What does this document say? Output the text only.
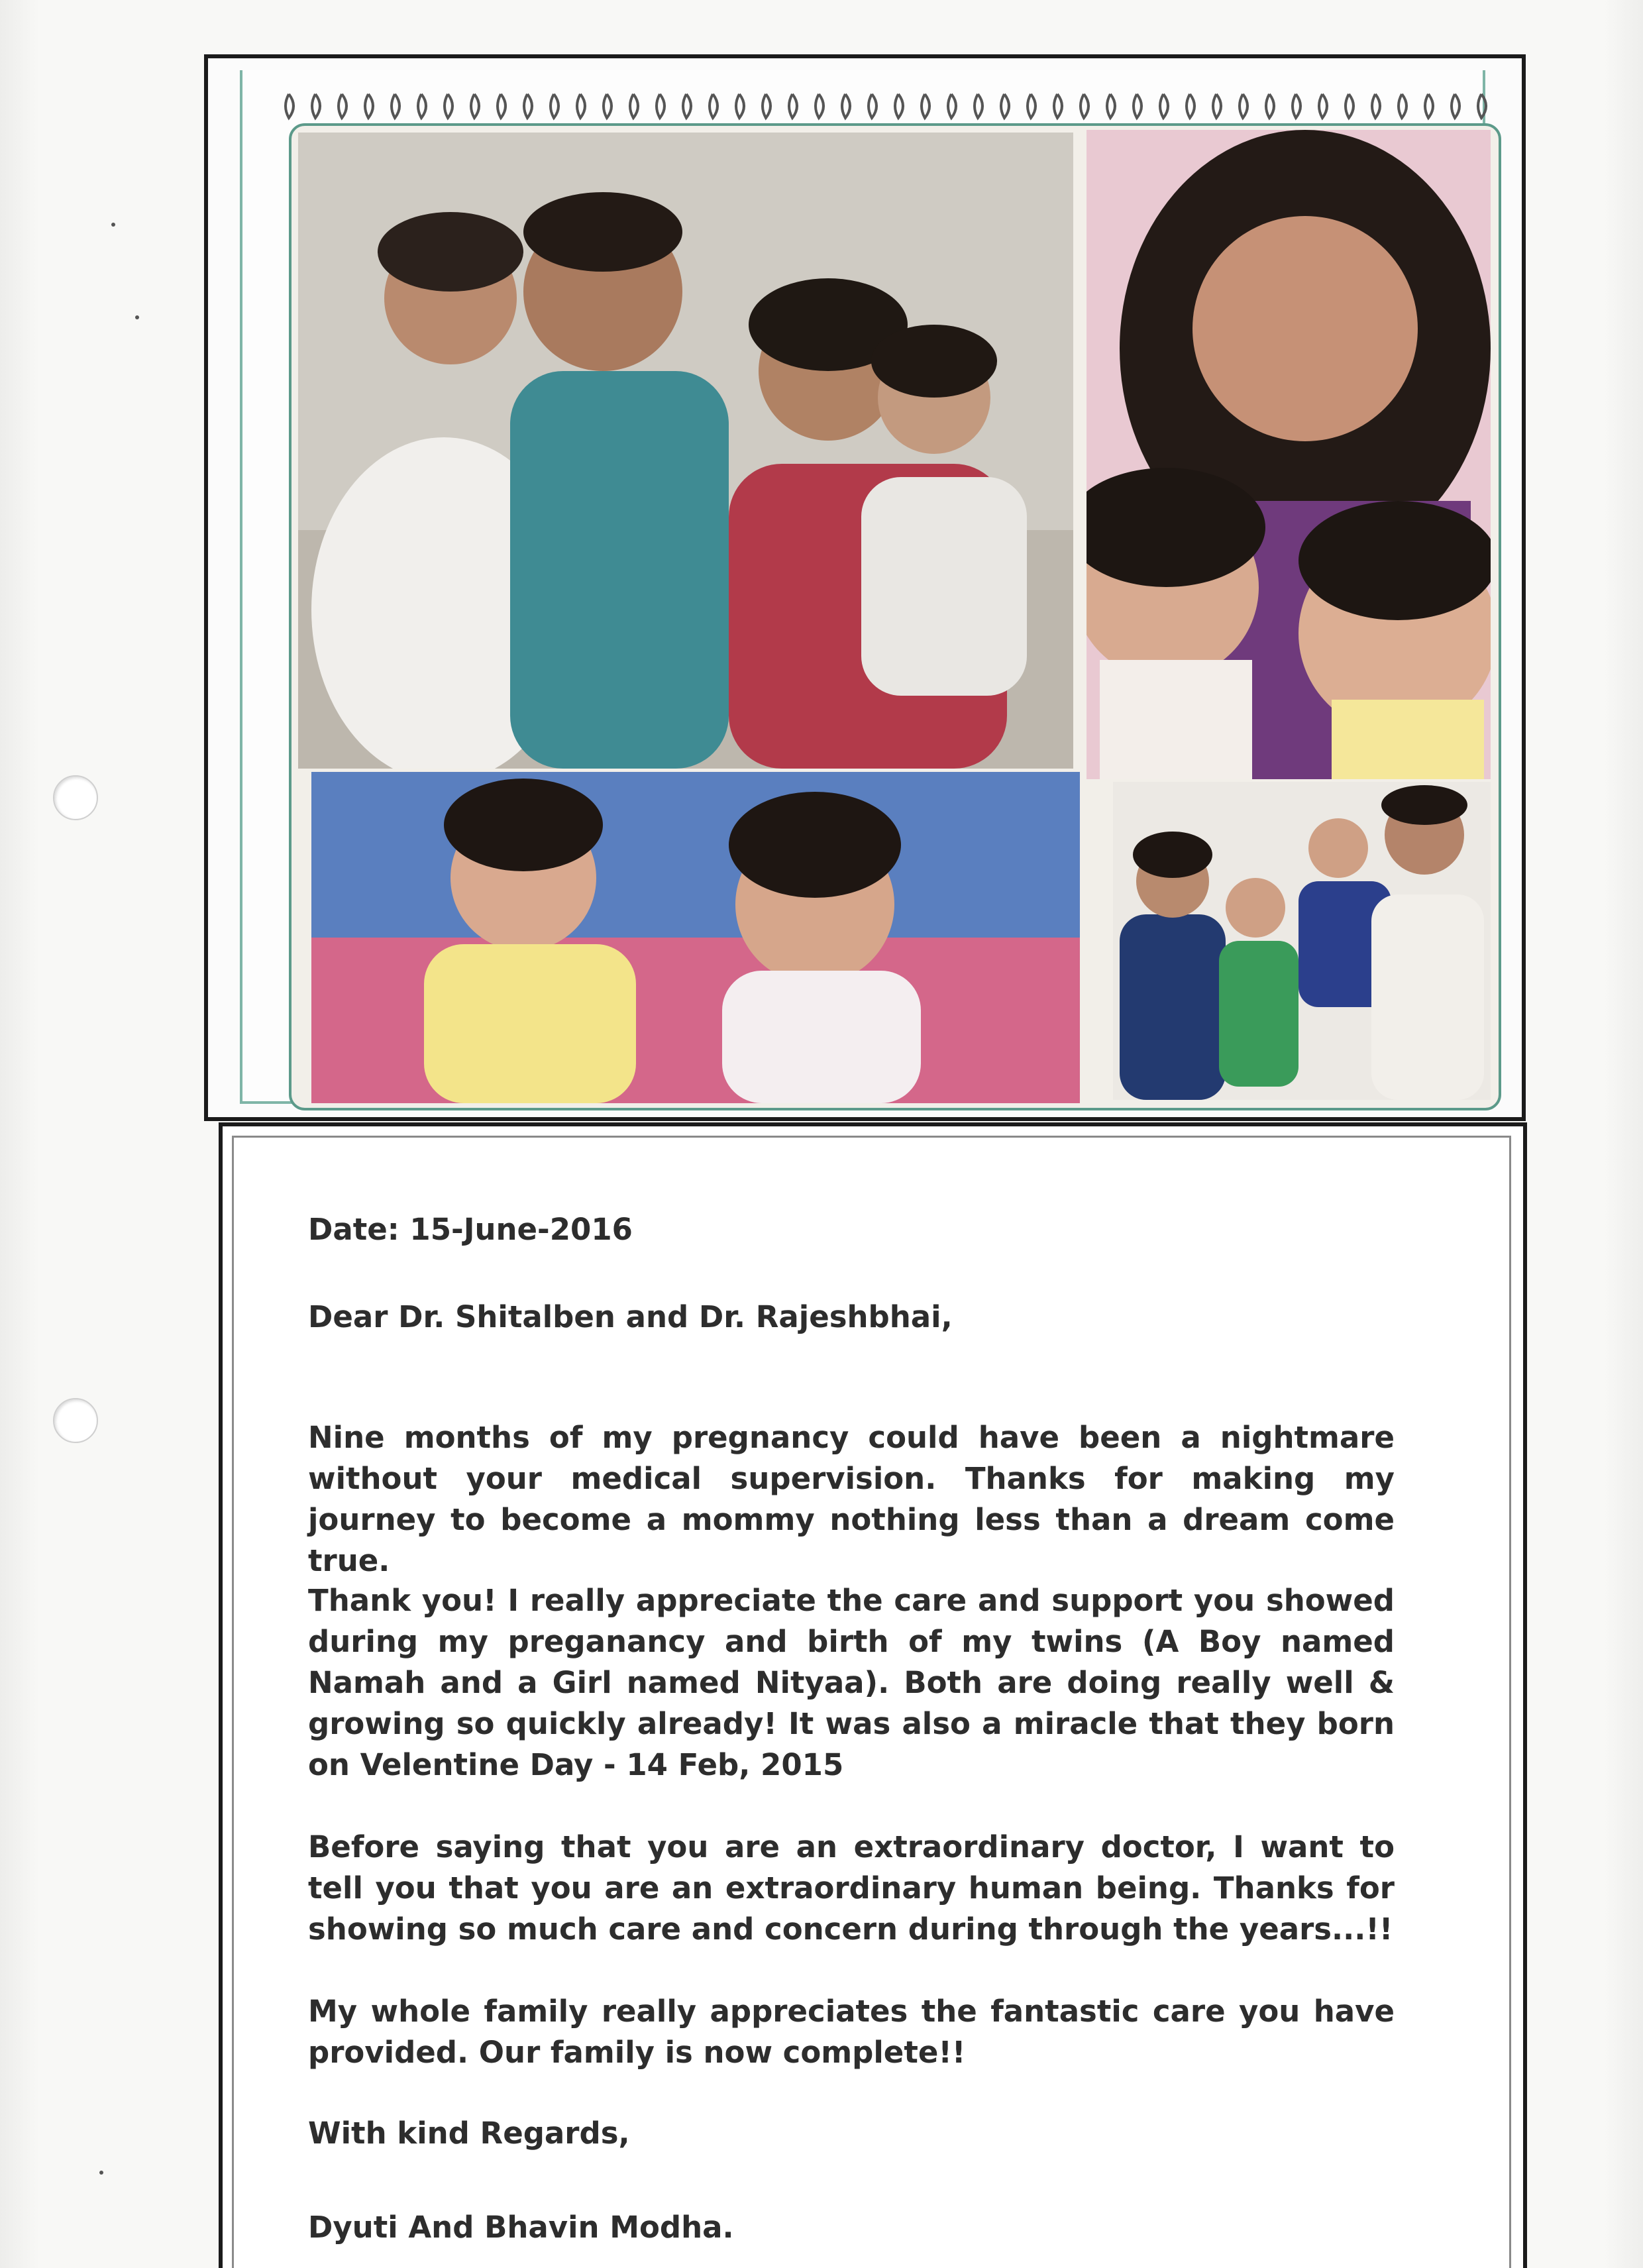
Date: 15-June-2016

Dear Dr. Shitalben and Dr. Rajeshbhai,

Nine months of my pregnancy could have been a nightmare without your medical supervision. Thanks for making my journey to become a mommy nothing less than a dream come true.

Thank you! I really appreciate the care and support you showed during my preganancy and birth of my twins (A Boy named Namah and a Girl named Nityaa). Both are doing really well & growing so quickly already! It was also a miracle that they born on Velentine Day - 14 Feb, 2015

Before saying that you are an extraordinary doctor, I want to tell you that you are an extraordinary human being. Thanks for showing so much care and concern during through the years...!!

My whole family really appreciates the fantastic care you have provided. Our family is now complete!!

With kind Regards,

Dyuti And Bhavin Modha.
